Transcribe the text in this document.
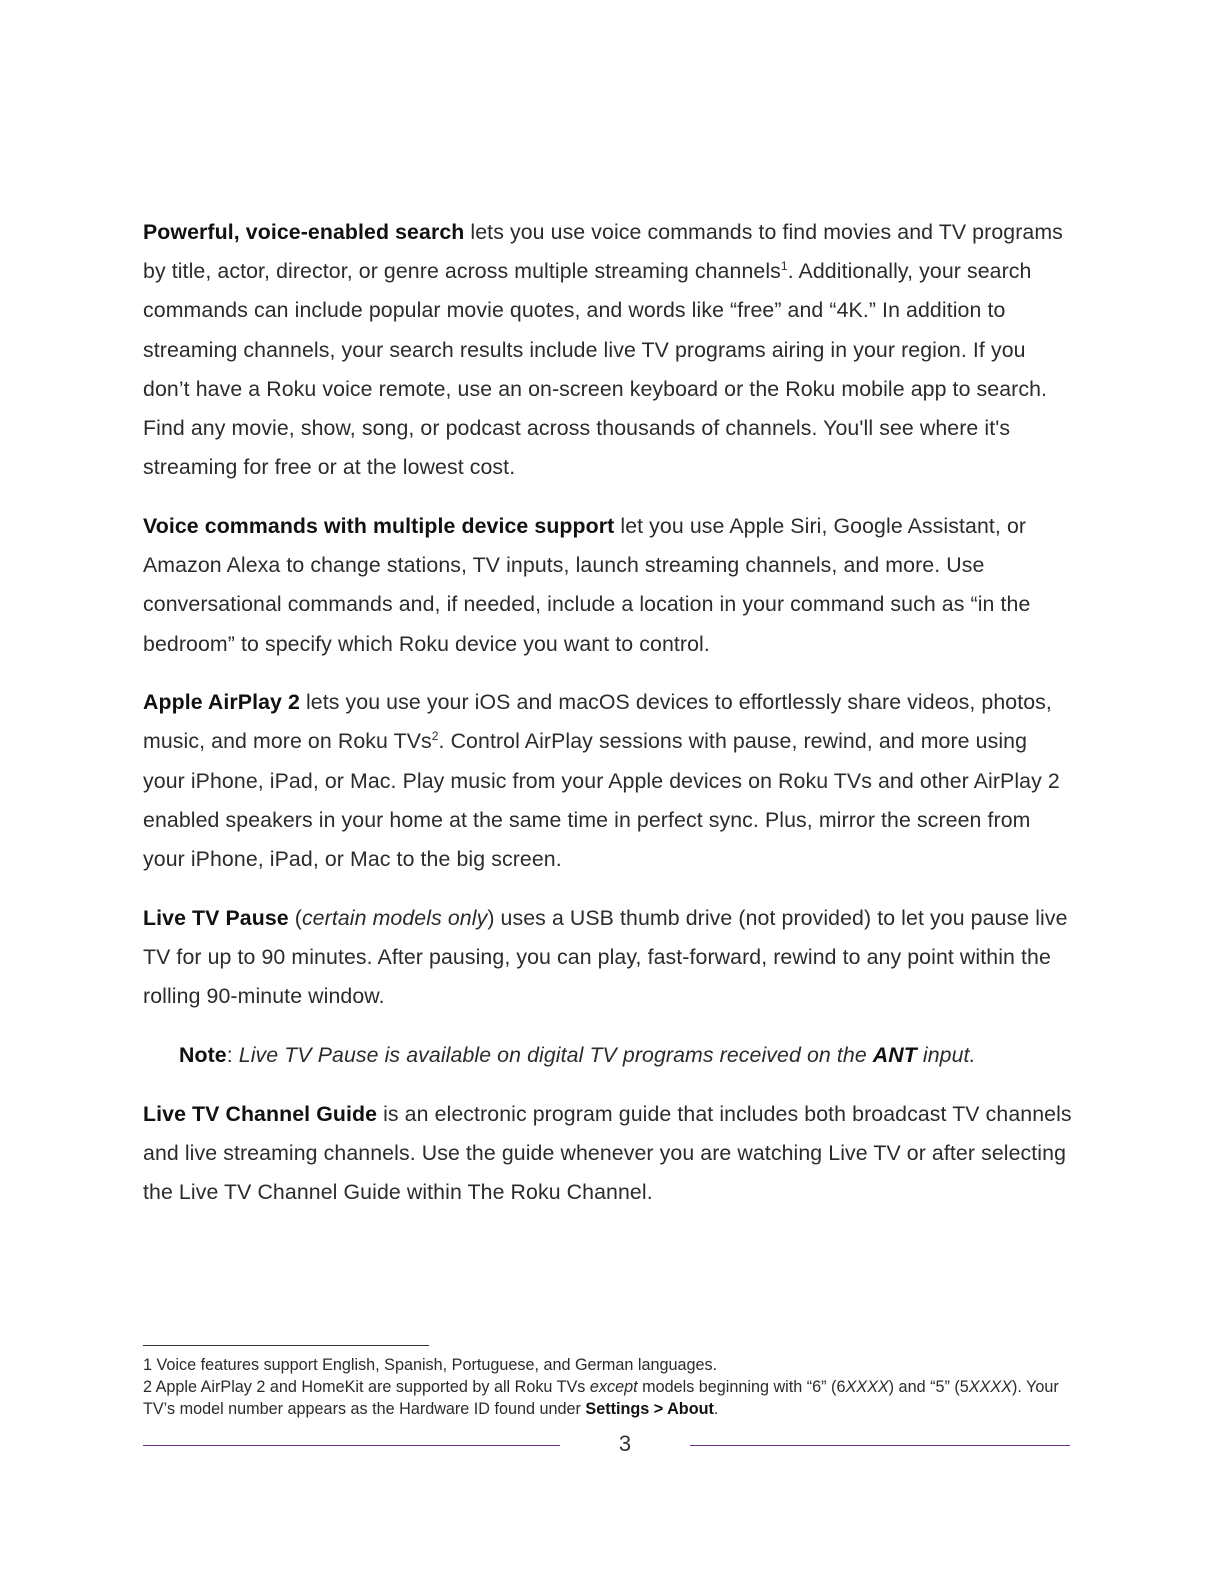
Powerful, voice-enabled search lets you use voice commands to find movies and TV programs by title, actor, director, or genre across multiple streaming channels$^1$. Additionally, your search commands can include popular movie quotes, and words like “free” and “4K.” In addition to streaming channels, your search results include live TV programs airing in your region. If you don’t have a Roku voice remote, use an on-screen keyboard or the Roku mobile app to search. Find any movie, show, song, or podcast across thousands of channels. You'll see where it's streaming for free or at the lowest cost.

Voice commands with multiple device support let you use Apple Siri, Google Assistant, or Amazon Alexa to change stations, TV inputs, launch streaming channels, and more. Use conversational commands and, if needed, include a location in your command such as “in the bedroom” to specify which Roku device you want to control.

Apple AirPlay 2 lets you use your iOS and macOS devices to effortlessly share videos, photos, music, and more on Roku TVs$^2$. Control AirPlay sessions with pause, rewind, and more using your iPhone, iPad, or Mac. Play music from your Apple devices on Roku TVs and other AirPlay 2 enabled speakers in your home at the same time in perfect sync. Plus, mirror the screen from your iPhone, iPad, or Mac to the big screen.

Live TV Pause (certain models only) uses a USB thumb drive (not provided) to let you pause live TV for up to 90 minutes. After pausing, you can play, fast-forward, rewind to any point within the rolling 90-minute window.

Note: Live TV Pause is available on digital TV programs received on the ANT input.

Live TV Channel Guide is an electronic program guide that includes both broadcast TV channels and live streaming channels. Use the guide whenever you are watching Live TV or after selecting the Live TV Channel Guide within The Roku Channel.

1 Voice features support English, Spanish, Portuguese, and German languages.
2 Apple AirPlay 2 and HomeKit are supported by all Roku TVs except models beginning with “6” (6XXXX) and “5” (5XXXX). Your TV’s model number appears as the Hardware ID found under Settings > About.
3
